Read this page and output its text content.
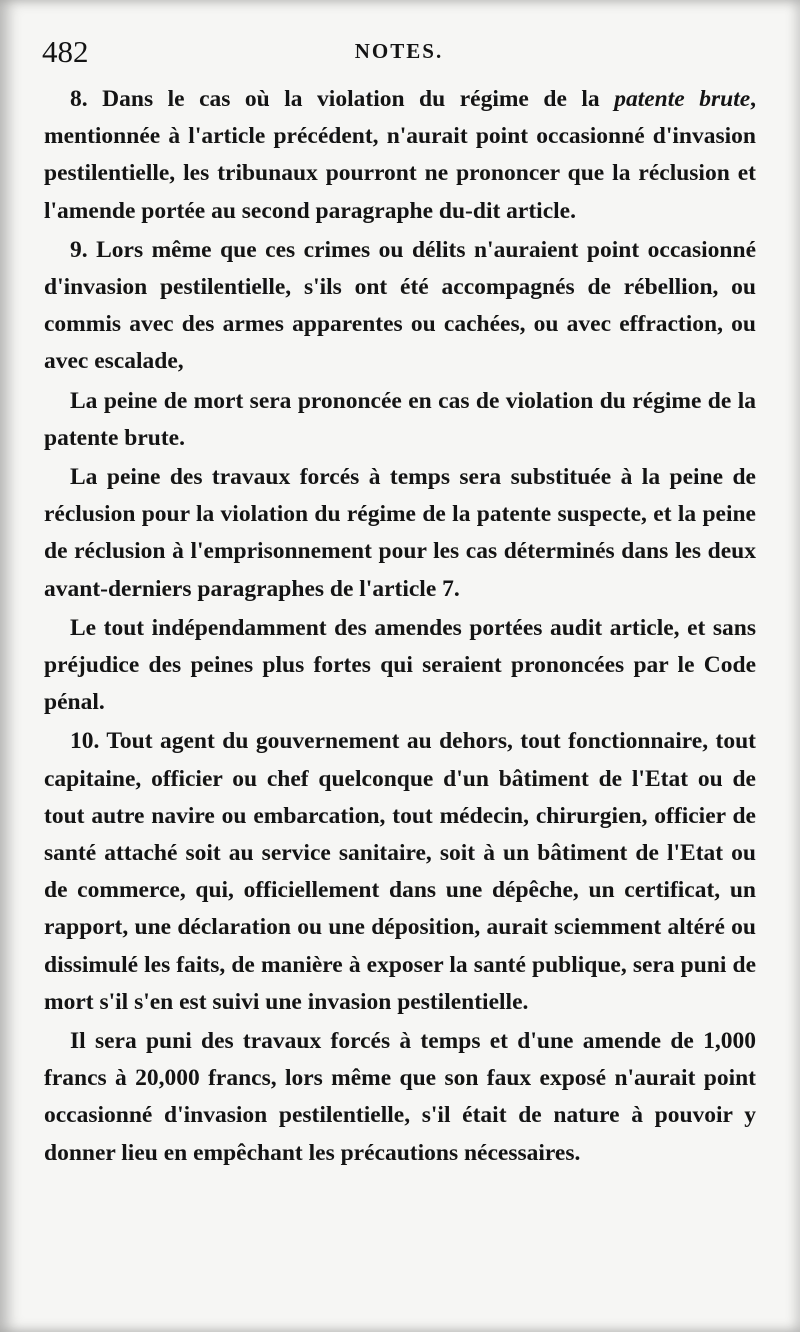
482	NOTES.

8. Dans le cas où la violation du régime de la patente brute, mentionnée à l'article précédent, n'aurait point occasionné d'invasion pestilentielle, les tribunaux pourront ne prononcer que la réclusion et l'amende portée au second paragraphe du-dit article.

9. Lors même que ces crimes ou délits n'auraient point occasionné d'invasion pestilentielle, s'ils ont été accompagnés de rébellion, ou commis avec des armes apparentes ou cachées, ou avec effraction, ou avec escalade,

La peine de mort sera prononcée en cas de violation du régime de la patente brute.

La peine des travaux forcés à temps sera substituée à la peine de réclusion pour la violation du régime de la patente suspecte, et la peine de réclusion à l'emprisonnement pour les cas déterminés dans les deux avant-derniers paragraphes de l'article 7.

Le tout indépendamment des amendes portées audit article, et sans préjudice des peines plus fortes qui seraient prononcées par le Code pénal.

10. Tout agent du gouvernement au dehors, tout fonctionnaire, tout capitaine, officier ou chef quelconque d'un bâtiment de l'Etat ou de tout autre navire ou embarcation, tout médecin, chirurgien, officier de santé attaché soit au service sanitaire, soit à un bâtiment de l'Etat ou de commerce, qui, officiellement dans une dépêche, un certificat, un rapport, une déclaration ou une déposition, aurait sciemment altéré ou dissimulé les faits, de manière à exposer la santé publique, sera puni de mort s'il s'en est suivi une invasion pestilentielle.

Il sera puni des travaux forcés à temps et d'une amende de 1,000 francs à 20,000 francs, lors même que son faux exposé n'aurait point occasionné d'invasion pestilentielle, s'il était de nature à pouvoir y donner lieu en empêchant les précautions nécessaires.
